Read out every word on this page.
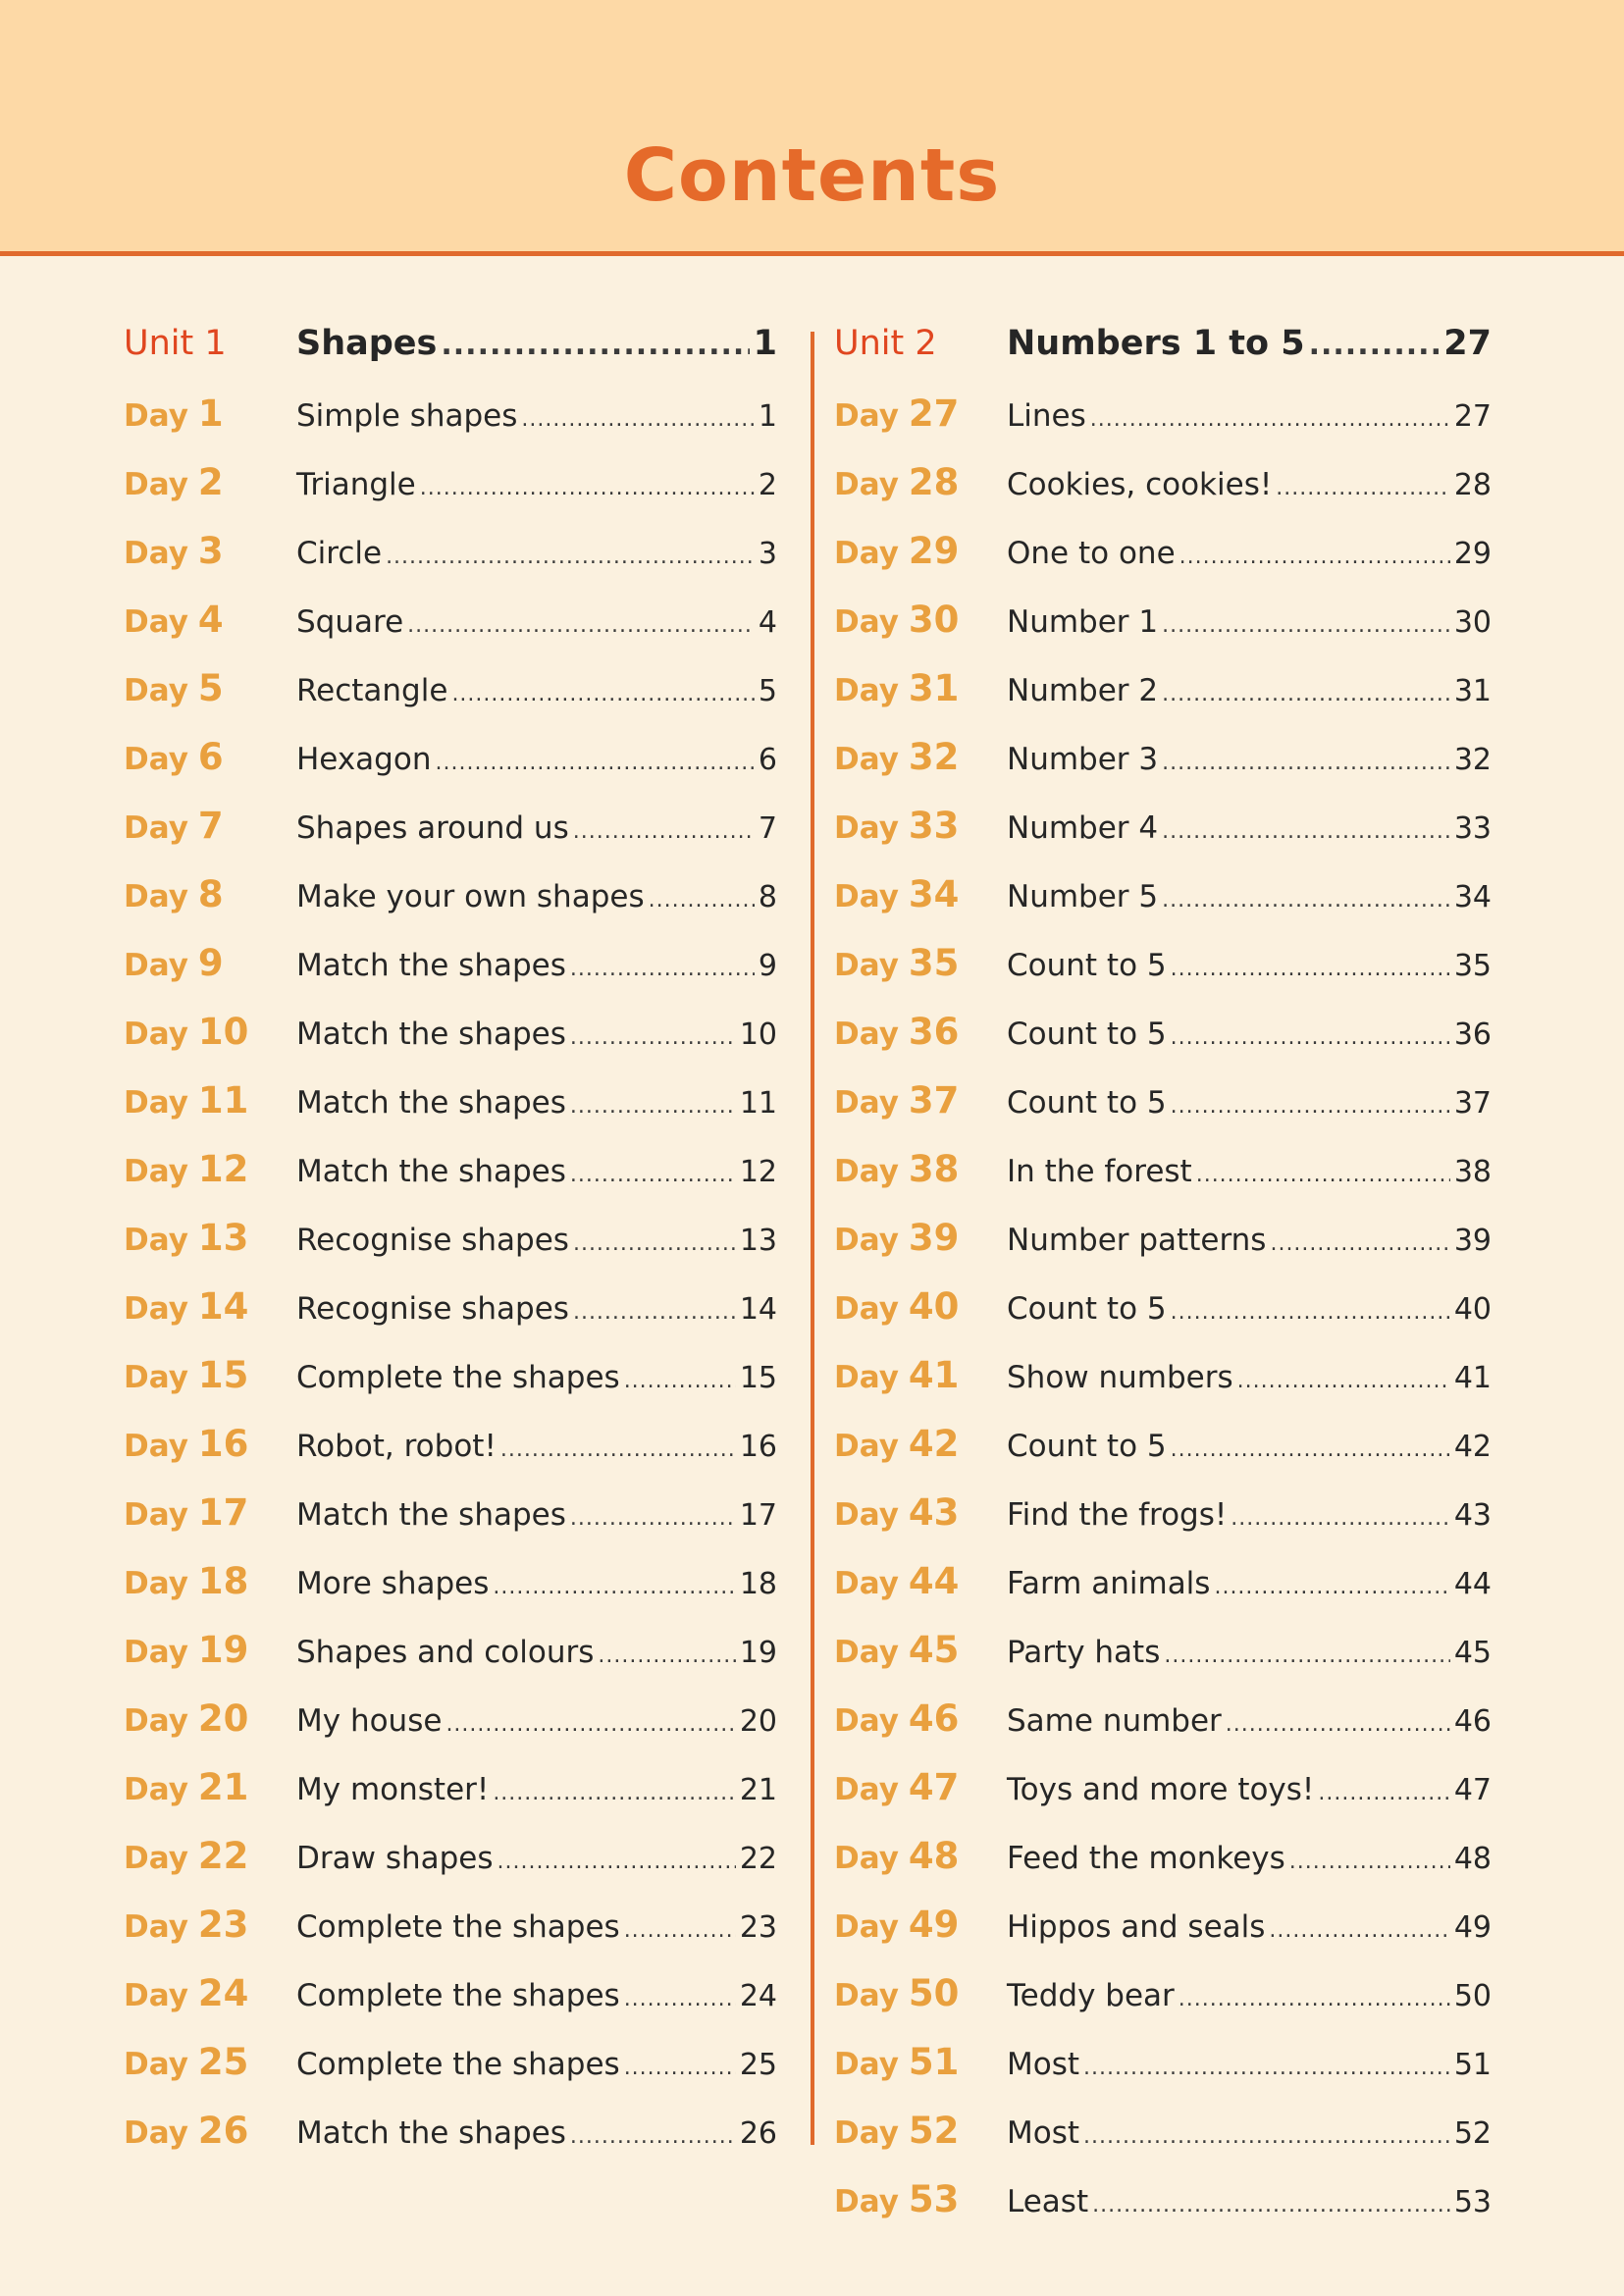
Contents
Unit 1	Shapes .....	1
Day 1	Simple shapes .....	1
Day 2	Triangle .....	2
Day 3	Circle .....	3
Day 4	Square .....	4
Day 5	Rectangle .....	5
Day 6	Hexagon .....	6
Day 7	Shapes around us .....	7
Day 8	Make your own shapes .....	8
Day 9	Match the shapes .....	9
Day 10	Match the shapes .....	10
Day 11	Match the shapes .....	11
Day 12	Match the shapes .....	12
Day 13	Recognise shapes .....	13
Day 14	Recognise shapes .....	14
Day 15	Complete the shapes .....	15
Day 16	Robot, robot! .....	16
Day 17	Match the shapes .....	17
Day 18	More shapes .....	18
Day 19	Shapes and colours .....	19
Day 20	My house .....	20
Day 21	My monster! .....	21
Day 22	Draw shapes .....	22
Day 23	Complete the shapes .....	23
Day 24	Complete the shapes .....	24
Day 25	Complete the shapes .....	25
Day 26	Match the shapes .....	26
Unit 2	Numbers 1 to 5 .....	27
Day 27	Lines .....	27
Day 28	Cookies, cookies! .....	28
Day 29	One to one .....	29
Day 30	Number 1 .....	30
Day 31	Number 2 .....	31
Day 32	Number 3 .....	32
Day 33	Number 4 .....	33
Day 34	Number 5 .....	34
Day 35	Count to 5 .....	35
Day 36	Count to 5 .....	36
Day 37	Count to 5 .....	37
Day 38	In the forest .....	38
Day 39	Number patterns .....	39
Day 40	Count to 5 .....	40
Day 41	Show numbers .....	41
Day 42	Count to 5 .....	42
Day 43	Find the frogs! .....	43
Day 44	Farm animals .....	44
Day 45	Party hats .....	45
Day 46	Same number .....	46
Day 47	Toys and more toys! .....	47
Day 48	Feed the monkeys .....	48
Day 49	Hippos and seals .....	49
Day 50	Teddy bear .....	50
Day 51	Most .....	51
Day 52	Most .....	52
Day 53	Least .....	53
